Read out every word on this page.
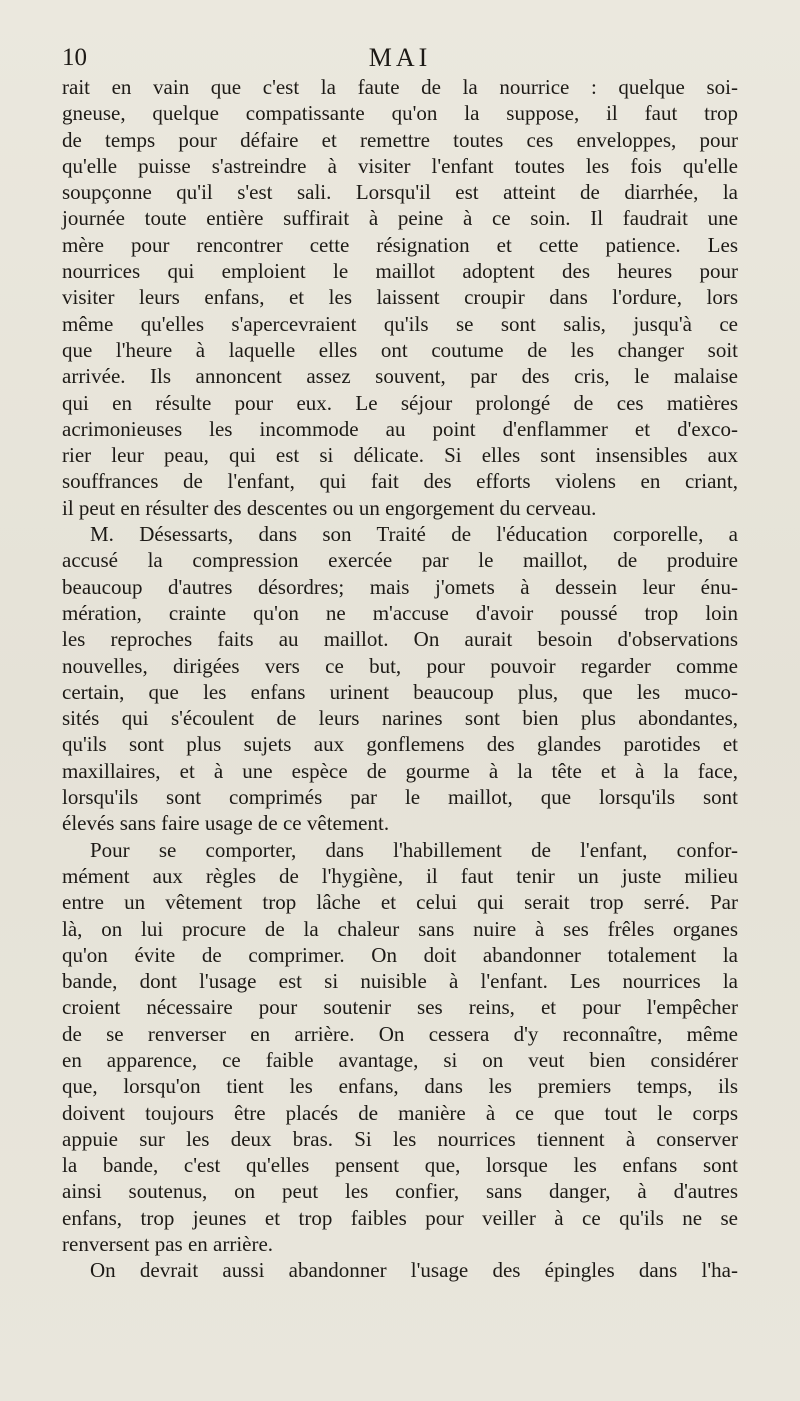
10	MAI
rait en vain que c'est la faute de la nourrice : quelque soi-
gneuse, quelque compatissante qu'on la suppose, il faut trop
de temps pour défaire et remettre toutes ces enveloppes, pour
qu'elle puisse s'astreindre à visiter l'enfant toutes les fois qu'elle
soupçonne qu'il s'est sali. Lorsqu'il est atteint de diarrhée, la
journée toute entière suffirait à peine à ce soin. Il faudrait une
mère pour rencontrer cette résignation et cette patience. Les
nourrices qui emploient le maillot adoptent des heures pour
visiter leurs enfans, et les laissent croupir dans l'ordure, lors
même qu'elles s'apercevraient qu'ils se sont salis, jusqu'à ce
que l'heure à laquelle elles ont coutume de les changer soit
arrivée. Ils annoncent assez souvent, par des cris, le malaise
qui en résulte pour eux. Le séjour prolongé de ces matières
acrimonieuses les incommode au point d'enflammer et d'exco-
rier leur peau, qui est si délicate. Si elles sont insensibles aux
souffrances de l'enfant, qui fait des efforts violens en criant,
il peut en résulter des descentes ou un engorgement du cerveau.
M. Désessarts, dans son Traité de l'éducation corporelle, a
accusé la compression exercée par le maillot, de produire
beaucoup d'autres désordres; mais j'omets à dessein leur énu-
mération, crainte qu'on ne m'accuse d'avoir poussé trop loin
les reproches faits au maillot. On aurait besoin d'observations
nouvelles, dirigées vers ce but, pour pouvoir regarder comme
certain, que les enfans urinent beaucoup plus, que les muco-
sités qui s'écoulent de leurs narines sont bien plus abondantes,
qu'ils sont plus sujets aux gonflemens des glandes parotides et
maxillaires, et à une espèce de gourme à la tête et à la face,
lorsqu'ils sont comprimés par le maillot, que lorsqu'ils sont
élevés sans faire usage de ce vêtement.
Pour se comporter, dans l'habillement de l'enfant, confor-
mément aux règles de l'hygiène, il faut tenir un juste milieu
entre un vêtement trop lâche et celui qui serait trop serré. Par
là, on lui procure de la chaleur sans nuire à ses frêles organes
qu'on évite de comprimer. On doit abandonner totalement la
bande, dont l'usage est si nuisible à l'enfant. Les nourrices la
croient nécessaire pour soutenir ses reins, et pour l'empêcher
de se renverser en arrière. On cessera d'y reconnaître, même
en apparence, ce faible avantage, si on veut bien considérer
que, lorsqu'on tient les enfans, dans les premiers temps, ils
doivent toujours être placés de manière à ce que tout le corps
appuie sur les deux bras. Si les nourrices tiennent à conserver
la bande, c'est qu'elles pensent que, lorsque les enfans sont
ainsi soutenus, on peut les confier, sans danger, à d'autres
enfans, trop jeunes et trop faibles pour veiller à ce qu'ils ne se
renversent pas en arrière.
On devrait aussi abandonner l'usage des épingles dans l'ha-
